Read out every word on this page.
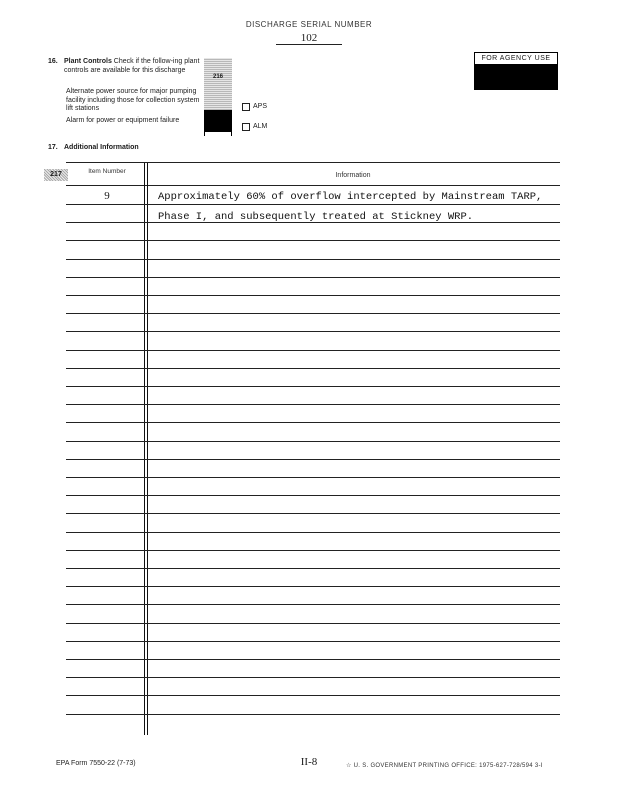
DISCHARGE SERIAL NUMBER
102
16. Plant Controls Check if the follow-ing plant controls are available for this discharge
Alternate power source for major pumping facility including those for collection system lift stations
Alarm for power or equipment failure
216
APS
ALM
FOR AGENCY USE
17. Additional Information
217	Item Number
Information
9	Approximately 60% of overflow intercepted by Mainstream TARP,
Phase I, and subsequently treated at Stickney WRP.
EPA Form 7550-22 (7-73)	II-8	☆ U. S. GOVERNMENT PRINTING OFFICE: 1975-627-728/594 3-I
